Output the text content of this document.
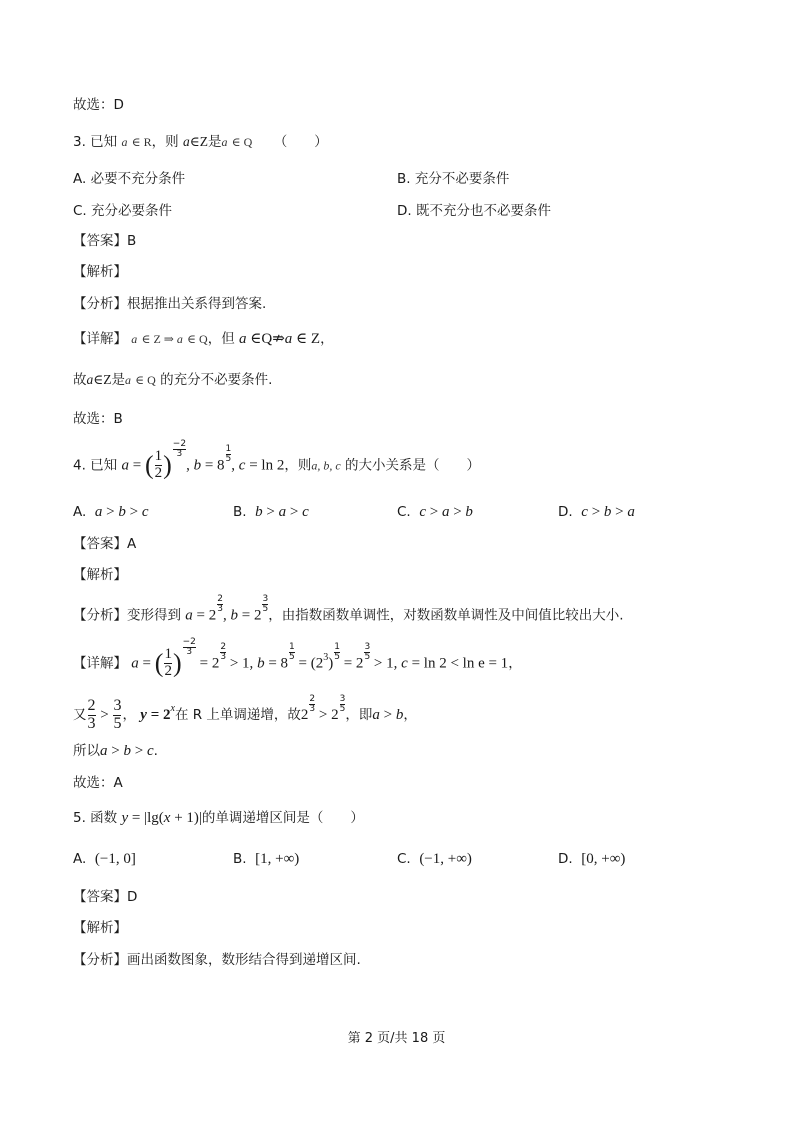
故选：D
3. 已知 a ∈ R，则 a∈Z是a ∈ Q （　　）
A. 必要不充分条件	B. 充分不必要条件
C. 充分必要条件	D. 既不充分也不必要条件
【答案】B
【解析】
【分析】根据推出关系得到答案.
【详解】 a ∈ Z ⇒ a ∈ Q，但 a ∈Q⇏a ∈ Z，
故a∈Z是a ∈ Q 的充分不必要条件.
故选：B
4. 已知 a = ( $\frac{1}{2}$ )
$\frac{-2}{3}$
, b = 8
$\frac{1}{5}$
, c = ln 2，则a, b, c 的大小关系是（　　）
A. a > b > c	B. b > a > c	C. c > a > b	D. c > b > a
【答案】A
【解析】
【分析】变形得到 a = 2
$\frac{2}{3}$
, b = 2
$\frac{3}{5}$
，由指数函数单调性，对数函数单调性及中间值比较出大小.
【详解】 a = ( $\frac{1}{2}$ )
$\frac{-2}{3}$
= 2
$\frac{2}{3}$
> 1, b = 8
$\frac{1}{5}$
= (23)
$\frac{1}{5}$
= 2
$\frac{3}{5}$
> 1, c = ln 2 < ln e = 1，
又 $\frac{2}{3} > \frac{3}{5}$ ， y = 2x在 R 上单调递增，故2
$\frac{2}{3}$
> 2
$\frac{3}{5}$
，即a > b，
所以a > b > c.
故选：A
5. 函数 y = |lg(x + 1)|的单调递增区间是（　　）
A. (−1, 0]	B. [1, +∞)	C. (−1, +∞)	D. [0, +∞)
【答案】D
【解析】
【分析】画出函数图象，数形结合得到递增区间.
第 2 页/共 18 页
